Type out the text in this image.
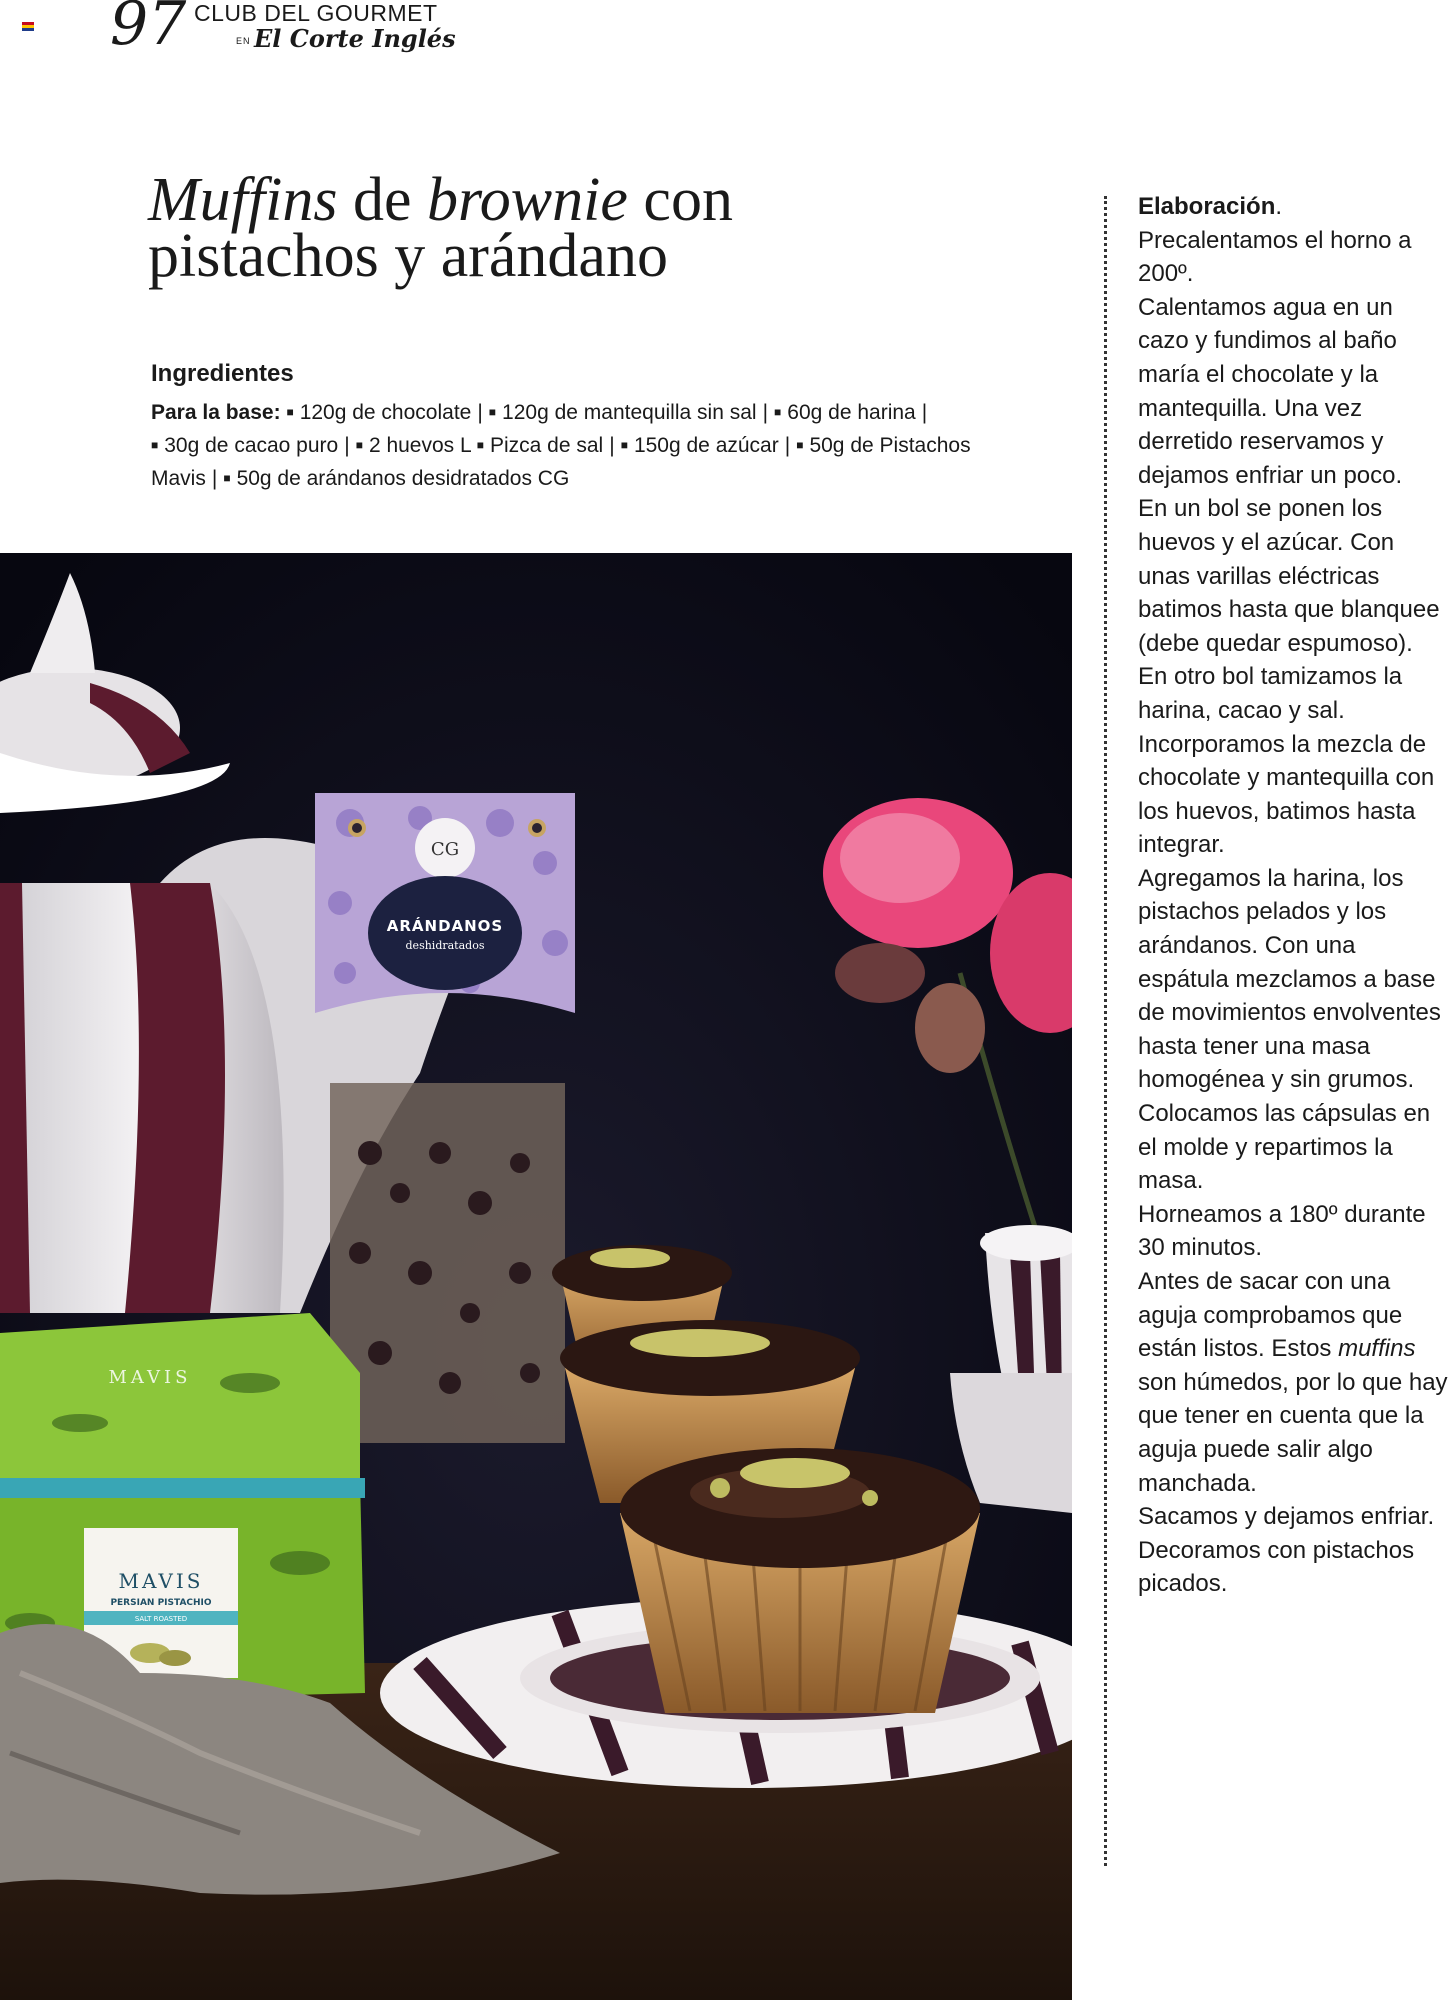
97 CLUB DEL GOURMET
EN El Corte Inglés
Muffins de brownie con
pistachos y arándano
Ingredientes
Para la base: ■ 120g de chocolate | ■ 120g de mantequilla sin sal | ■ 60g de harina |
■ 30g de cacao puro | ■ 2 huevos L ■ Pizca de sal | ■ 150g de azúcar | ■ 50g de Pistachos Mavis | ■ 50g de arándanos desidratados CG
CG
ARÁNDANOS
deshidratados
MAVIS
MAVIS
PERSIAN PISTACHIO
SALT ROASTED

Elaboración.

Precalentamos el horno a 200º.

Calentamos agua en un cazo y fundimos al baño maría el chocolate y la mantequilla. Una vez derretido reservamos y dejamos enfriar un poco.

En un bol se ponen los huevos y el azúcar. Con unas varillas eléctricas batimos hasta que blanquee (debe quedar espumoso).

En otro bol tamizamos la harina, cacao y sal.

Incorporamos la mezcla de chocolate y mantequilla con los huevos, batimos hasta integrar.

Agregamos la harina, los pistachos pelados y los arándanos. Con una espátula mezclamos a base de movimientos envolventes hasta tener una masa homogénea y sin grumos.

Colocamos las cápsulas en el molde y repartimos la masa.

Horneamos a 180º durante 30 minutos.

Antes de sacar con una aguja comprobamos que están listos. Estos muffins son húmedos, por lo que hay que tener en cuenta que la aguja puede salir algo manchada.

Sacamos y dejamos enfriar.

Decoramos con pistachos picados.
